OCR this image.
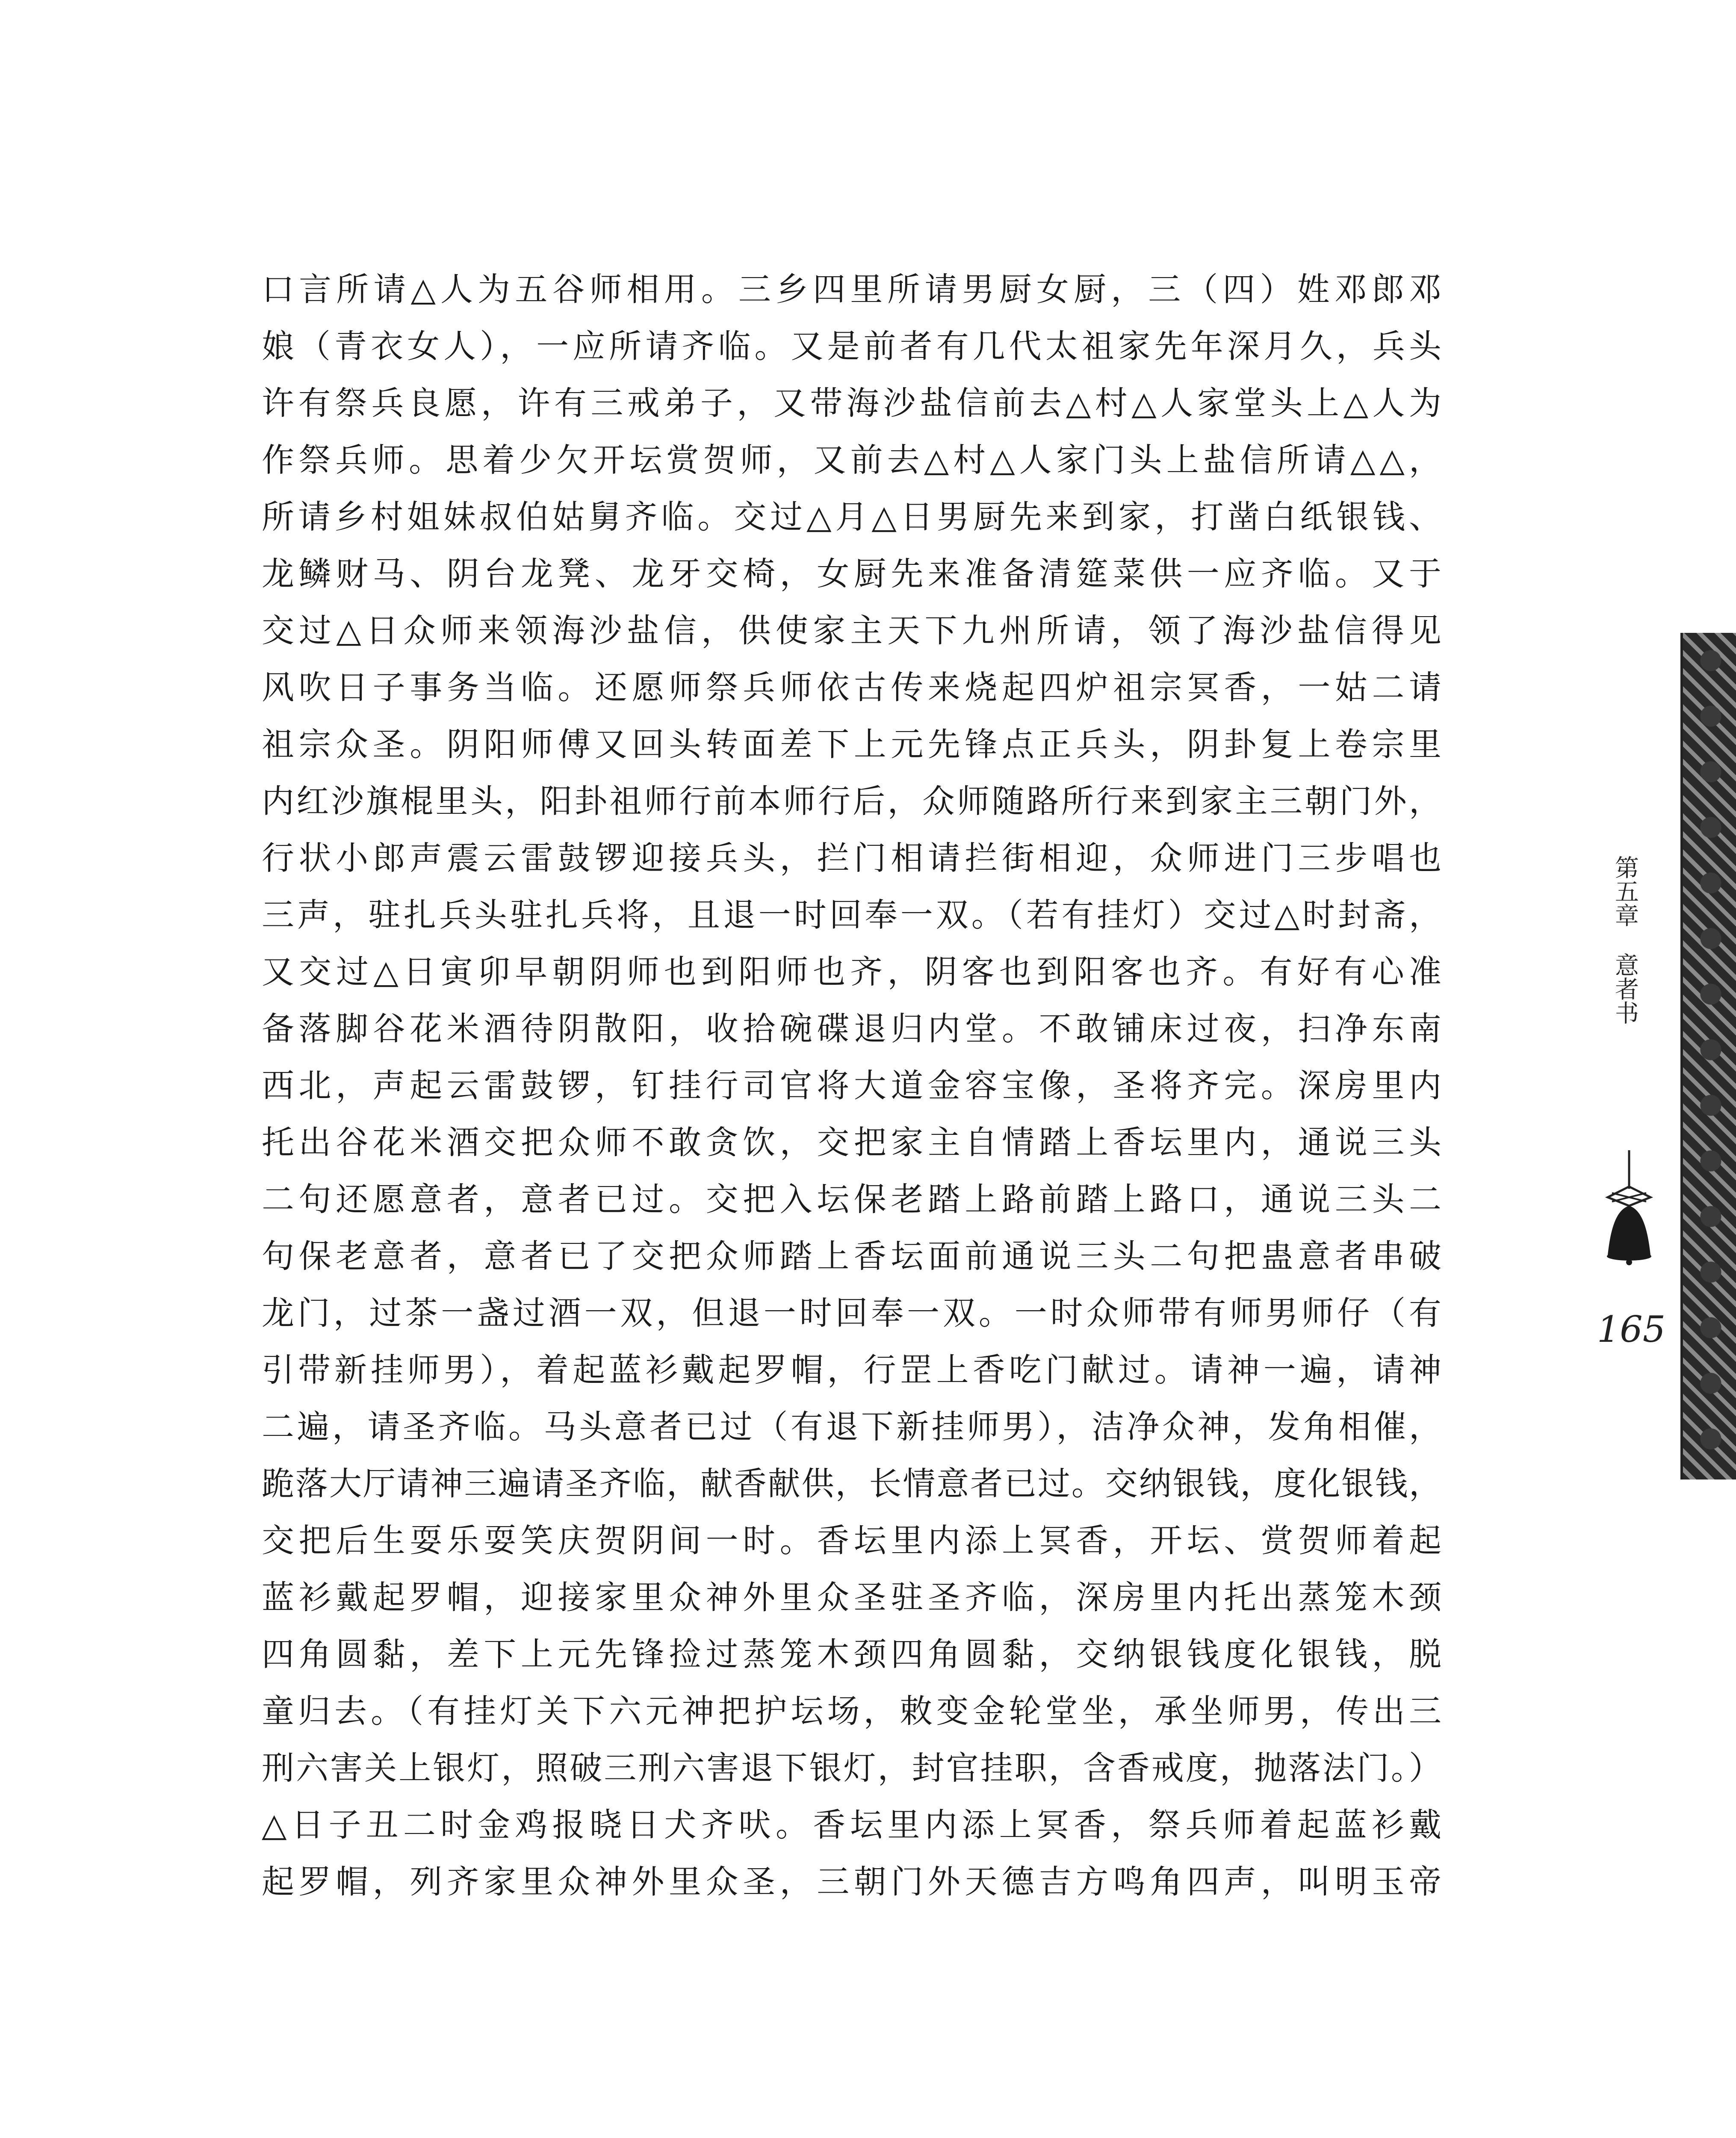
口言所请△人为五谷师相用。三乡四里所请男厨女厨，三（四）姓邓郎邓
娘（青衣女人），一应所请齐临。又是前者有几代太祖家先年深月久，兵头
许有祭兵良愿，许有三戒弟子，又带海沙盐信前去△村△人家堂头上△人为
作祭兵师。思着少欠开坛赏贺师，又前去△村△人家门头上盐信所请△△，
所请乡村姐妹叔伯姑舅齐临。交过△月△日男厨先来到家，打凿白纸银钱、
龙鳞财马、阴台龙凳、龙牙交椅，女厨先来准备清筵菜供一应齐临。又于
交过△日众师来领海沙盐信，供使家主天下九州所请，领了海沙盐信得见
风吹日子事务当临。还愿师祭兵师依古传来烧起四炉祖宗冥香，一姑二请
祖宗众圣。阴阳师傅又回头转面差下上元先锋点正兵头，阴卦复上卷宗里
内红沙旗棍里头，阳卦祖师行前本师行后，众师随路所行来到家主三朝门外，
行状小郎声震云雷鼓锣迎接兵头，拦门相请拦街相迎，众师进门三步唱也
三声，驻扎兵头驻扎兵将，且退一时回奉一双。（若有挂灯）交过△时封斋，
又交过△日寅卯早朝阴师也到阳师也齐，阴客也到阳客也齐。有好有心准
备落脚谷花米酒待阴散阳，收拾碗碟退归内堂。不敢铺床过夜，扫净东南
西北，声起云雷鼓锣，钉挂行司官将大道金容宝像，圣将齐完。深房里内
托出谷花米酒交把众师不敢贪饮，交把家主自情踏上香坛里内，通说三头
二句还愿意者，意者已过。交把入坛保老踏上路前踏上路口，通说三头二
句保老意者，意者已了交把众师踏上香坛面前通说三头二句把蛊意者串破
龙门，过茶一盏过酒一双，但退一时回奉一双。一时众师带有师男师仔（有
引带新挂师男），着起蓝衫戴起罗帽，行罡上香吃门献过。请神一遍，请神
二遍，请圣齐临。马头意者已过（有退下新挂师男），洁净众神，发角相催，
跪落大厅请神三遍请圣齐临，献香献供，长情意者已过。交纳银钱，度化银钱，
交把后生耍乐耍笑庆贺阴间一时。香坛里内添上冥香，开坛、赏贺师着起
蓝衫戴起罗帽，迎接家里众神外里众圣驻圣齐临，深房里内托出蒸笼木颈
四角圆黏，差下上元先锋捡过蒸笼木颈四角圆黏，交纳银钱度化银钱，脱
童归去。（有挂灯关下六元神把护坛场，敕变金轮堂坐，承坐师男，传出三
刑六害关上银灯，照破三刑六害退下银灯，封官挂职，含香戒度，抛落法门。）
△日子丑二时金鸡报晓日犬齐吠。香坛里内添上冥香，祭兵师着起蓝衫戴
起罗帽，列齐家里众神外里众圣，三朝门外天德吉方鸣角四声，叫明玉帝
第五章
意者书
165
